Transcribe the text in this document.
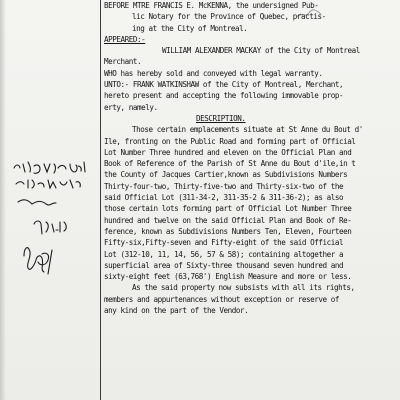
BEFORE MTRE FRANCIS E. McKENNA, the undersigned Pub-
lic Notary for the Province of Quebec, practis-
ing at the City of Montreal.
APPEARED:-
WILLIAM ALEXANDER MACKAY of the City of Montreal
Merchant.
WHO has hereby sold and conveyed with legal warranty.
UNTO:- FRANK WATKINSHAW of the City of Montreal, Merchant,
hereto present and accepting the following immovable prop-
erty, namely.
DESCRIPTION.
Those certain emplacements situate at St Anne du Bout d'
Ile, fronting on the Public Road and forming part of Official
Lot Number Three hundred and eleven on the Official Plan and
Book of Reference of the Parish of St Anne du Bout d'ile,in t
the County of Jacques Cartier,known as Subdivisions Numbers
Thirty-four-two, Thirty-five-two and Thirty-six-two of the
said Official Lot (311-34-2, 311-35-2 & 311-36-2); as also
those certain lots forming part of Official Lot Number Three
hundred and twelve on the said Official Plan and Book of Re-
ference, known as Subdivisions Numbers Ten, Eleven, Fourteen
Fifty-six,Fifty-seven and Fifty-eight of the said Official
Lot (312-10, 11, 14, 56, 57 & 58); containing altogether a
superficial area of Sixty-three thousand seven hundred and
sixty-eight feet (63,768') English Measure and more or less.
As the said property now subsists with all its rights,
members and appurtenances without exception or reserve of
any kind on the part of the Vendor.
